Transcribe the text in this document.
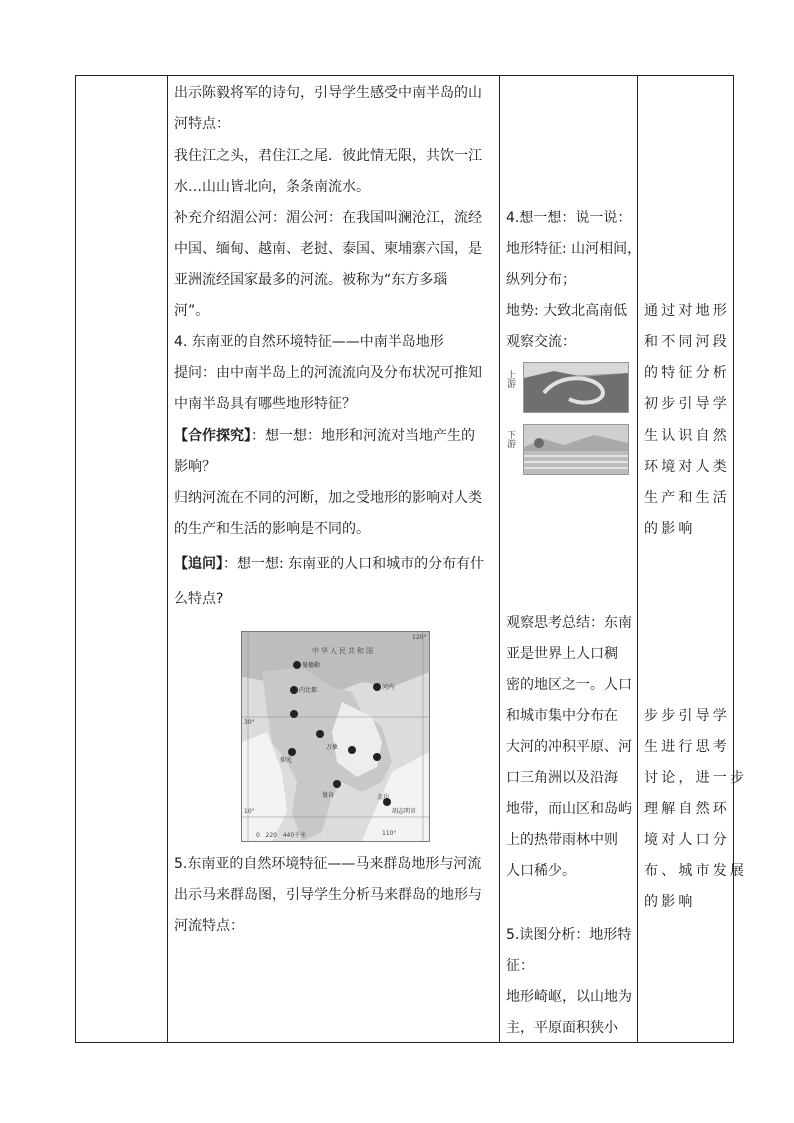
出示陈毅将军的诗句，引导学生感受中南半岛的山
河特点：
我住江之头，君住江之尾．彼此情无限，共饮一江
水…山山皆北向，条条南流水。
补充介绍湄公河：湄公河：在我国叫澜沧江，流经
中国、缅甸、越南、老挝、泰国、柬埔寨六国，是
亚洲流经国家最多的河流。被称为“东方多瑙
河”。
4. 东南亚的自然环境特征——中南半岛地形
提问：由中南半岛上的河流流向及分布状况可推知
中南半岛具有哪些地形特征？
【合作探究】：想一想：地形和河流对当地产生的
影响？
归纳河流在不同的河断，加之受地形的影响对人类
的生产和生活的影响是不同的。
【追问】：想一想: 东南亚的人口和城市的分布有什
么特点?
中华人民共和国
30°
10°
110°
120°
0   220   440千米
曼德勒
内比都
仰光
万象
河内
曼谷	金边
胡志明市
5.东南亚的自然环境特征——马来群岛地形与河流
出示马来群岛图，引导学生分析马来群岛的地形与
河流特点：

4.想一想：说一说：
地形特征: 山河相间，
纵列分布；
地势: 大致北高南低
观察交流：
上游
下游
观察思考总结：东南
亚是世界上人口稠
密的地区之一。人口
和城市集中分布在
大河的冲积平原、河
口三角洲以及沿海
地带，而山区和岛屿
上的热带雨林中则
人口稀少。
5.读图分析：地形特
征：
地形崎岖，以山地为
主，平原面积狭小

通过对地形
和不同河段
的特征分析
初步引导学
生认识自然
环境对人类
生产和生活
的影响
步步引导学
生进行思考
讨论，进一步
理解自然环
境对人口分
布、城市发展
的影响
